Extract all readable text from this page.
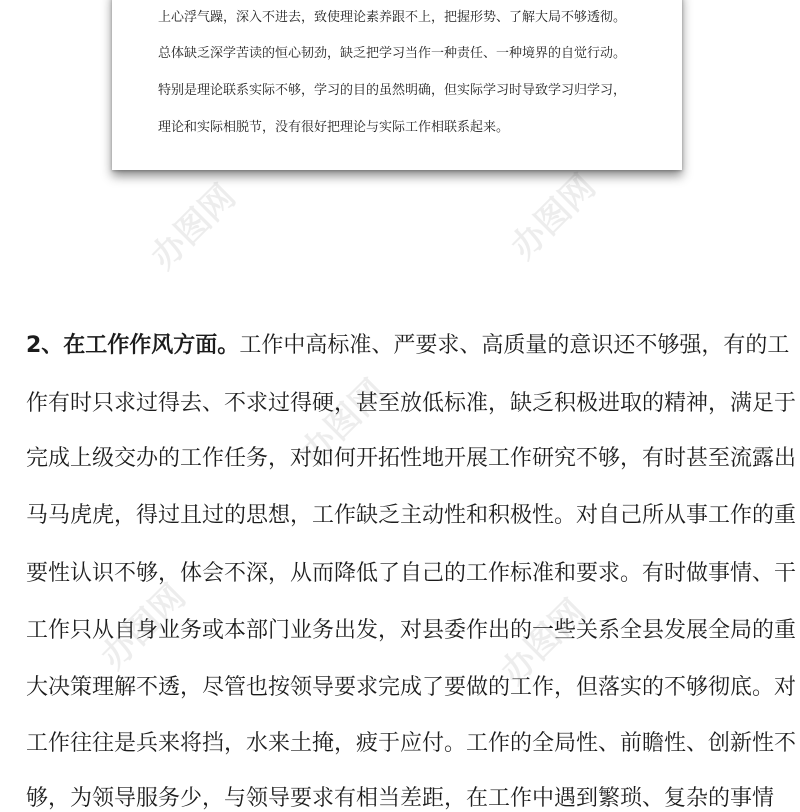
办图网	办图网
办图网
办图网	办图网
上心浮气躁，深入不进去，致使理论素养跟不上，把握形势、了解大局不够透彻。
总体缺乏深学苦读的恒心韧劲，缺乏把学习当作一种责任、一种境界的自觉行动。
特别是理论联系实际不够，学习的目的虽然明确，但实际学习时导致学习归学习，
理论和实际相脱节，没有很好把理论与实际工作相联系起来。
2、在工作作风方面。工作中高标准、严要求、高质量的意识还不够强，有的工
作有时只求过得去、不求过得硬，甚至放低标准，缺乏积极进取的精神，满足于
完成上级交办的工作任务，对如何开拓性地开展工作研究不够，有时甚至流露出
马马虎虎，得过且过的思想，工作缺乏主动性和积极性。对自己所从事工作的重
要性认识不够，体会不深，从而降低了自己的工作标准和要求。有时做事情、干
工作只从自身业务或本部门业务出发，对县委作出的一些关系全县发展全局的重
大决策理解不透，尽管也按领导要求完成了要做的工作，但落实的不够彻底。对
工作往往是兵来将挡，水来土掩，疲于应付。工作的全局性、前瞻性、创新性不
够，为领导服务少，与领导要求有相当差距，在工作中遇到繁琐、复杂的事情
